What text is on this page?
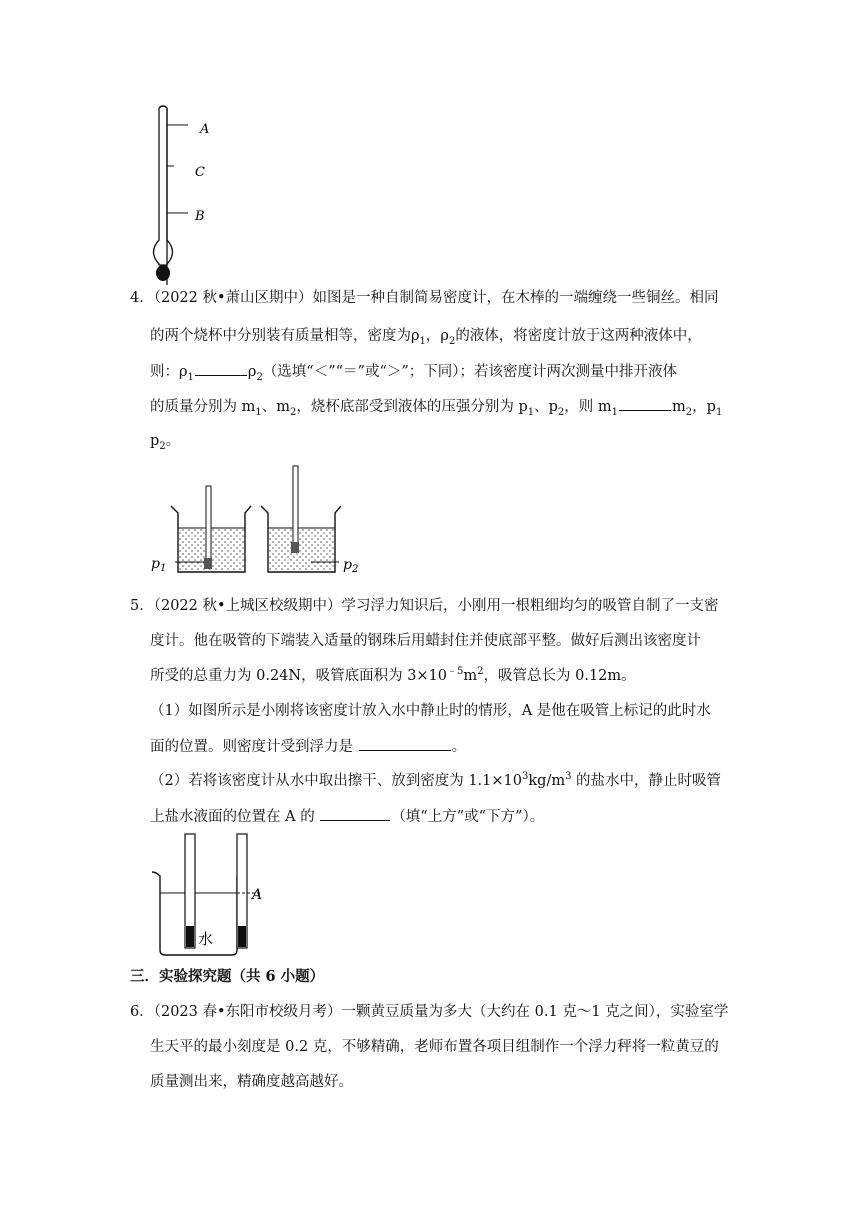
A
C
B
4．（2022 秋•萧山区期中）如图是一种自制简易密度计，在木棒的一端缠绕一些铜丝。相同
的两个烧杯中分别装有质量相等，密度为$\rho_1$，$\rho_2$的液体，将密度计放于这两种液体中，
则：$\rho_1$	$\rho_2$（选填“＜”“＝”或“＞”；下同）；若该密度计两次测量中排开液体
的质量分别为 $m_1$、$m_2$，烧杯底部受到液体的压强分别为 $p_1$、$p_2$，则 $m_1$	$m_2$，$p_1$
$p_2$。
$p_1$	$p_2$
5．（2022 秋•上城区校级期中）学习浮力知识后，小刚用一根粗细均匀的吸管自制了一支密
度计。他在吸管的下端装入适量的钢珠后用蜡封住并使底部平整。做好后测出该密度计
所受的总重力为 0.24N，吸管底面积为 $3\times 10^{﹣5}m^2$，吸管总长为 0.12m。
（1）如图所示是小刚将该密度计放入水中静止时的情形，A 是他在吸管上标记的此时水
面的位置。则密度计受到浮力是	。
（2）若将该密度计从水中取出擦干、放到密度为 $1.1\times 10^3kg/m^3$ 的盐水中，静止时吸管
上盐水液面的位置在 A 的	（填“上方”或“下方”）。
水
A
三．实验探究题（共 6 小题）
6．（2023 春•东阳市校级月考）一颗黄豆质量为多大（大约在 0.1 克～1 克之间），实验室学
生天平的最小刻度是 0.2 克，不够精确，老师布置各项目组制作一个浮力秤将一粒黄豆的
质量测出来，精确度越高越好。
